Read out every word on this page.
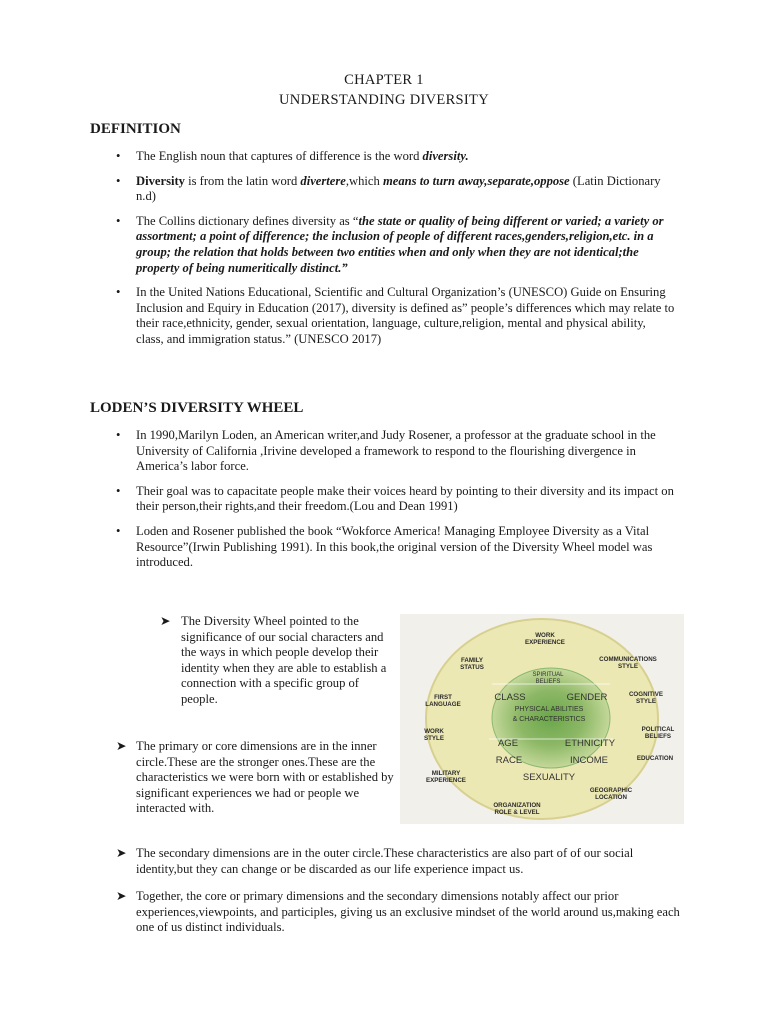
CHAPTER 1
UNDERSTANDING DIVERSITY
DEFINITION
• The English noun that captures of difference is the word diversity.
• Diversity is from the latin word divertere,which means to turn away,separate,oppose (Latin Dictionary n.d)
• The Collins dictionary defines diversity as “the state or quality of being different or varied; a variety or assortment; a point of difference; the inclusion of people of different races,genders,religion,etc. in a group; the relation that holds between two entities when and only when they are not identical;the property of being numeritically distinct.”
• In the United Nations Educational, Scientific and Cultural Organization’s (UNESCO) Guide on Ensuring Inclusion and Equiry in Education (2017), diversity is defined as” people’s differences which may relate to their race,ethnicity, gender, sexual orientation, language, culture,religion, mental and physical ability, class, and immigration status.” (UNESCO 2017)
LODEN’S DIVERSITY WHEEL
• In 1990,Marilyn Loden, an American writer,and Judy Rosener, a professor at the graduate school in the University of California ,Irivine developed a framework to respond to the flourishing divergence in America’s labor force.
• Their goal was to capacitate people make their voices heard by pointing to their diversity and its impact on their person,their rights,and their freedom.(Lou and Dean 1991)
• Loden and Rosener published the book “Wokforce America! Managing Employee Diversity as a Vital Resource”(Irwin Publishing 1991). In this book,the original version of the Diversity Wheel model was introduced.
➤ The Diversity Wheel pointed to the significance of our social characters and the ways in which people develop their identity when they are able to establish a connection with a specific group of people.
➤ The primary or core dimensions are in the inner circle.These are the stronger ones.These are the characteristics we were born with or established by significant experiences we had or people we interacted with.
➤ The secondary dimensions are in the outer circle.These characteristics are also part of of our social identity,but they can change or be discarded as our life experience impact us.
➤ Together, the core or primary dimensions and the secondary dimensions notably affect our prior experiences,viewpoints, and participles, giving us an exclusive mindset of the world around us,making each one of us distinct individuals.
WORK EXPERIENCE
COMMUNICATIONS STYLE
COGNITIVE STYLE
POLITICAL BELIEFS
EDUCATION
GEOGRAPHIC LOCATION
ORGANIZATION ROLE & LEVEL
MILITARY EXPERIENCE
WORK STYLE
FIRST LANGUAGE
FAMILY STATUS
SPIRITUAL BELIEFS
CLASS	GENDER
PHYSICAL ABILITIES & CHARACTERISTICS
AGE	ETHNICITY
RACE	INCOME
SEXUALITY
